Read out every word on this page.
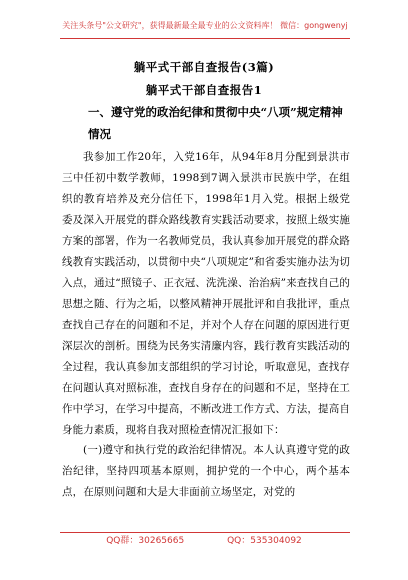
关注头条号"公文研究"，获得最新最全最专业的公文资料库！ 微信：gongwenyj
躺平式干部自查报告(3篇)
躺平式干部自查报告1

一、遵守党的政治纪律和贯彻中央“八项”规定精神情况

我参加工作20年，入党16年，从94年8月分配到景洪市三中任初中数学教师，1998到7调入景洪市民族中学，在组织的教育培养及充分信任下，1998年1月入党。根据上级党委及深入开展党的群众路线教育实践活动要求，按照上级实施方案的部署，作为一名教师党员，我认真参加开展党的群众路线教育实践活动，以贯彻中央“八项规定”和省委实施办法为切入点，通过“照镜子、正衣冠、洗洗澡、治治病”来查找自己的思想之随、行为之垢，以整风精神开展批评和自我批评，重点查找自己存在的问题和不足，并对个人存在问题的原因进行更深层次的剖析。围绕为民务实清廉内容，践行教育实践活动的全过程，我认真参加支部组织的学习讨论，听取意见，查找存在问题认真对照标准，查找自身存在的问题和不足，坚持在工作中学习，在学习中提高，不断改进工作方式、方法，提高自身能力素质，现将自我对照检查情况汇报如下：

(一)遵守和执行党的政治纪律情况。本人认真遵守党的政治纪律，坚持四项基本原则，拥护党的一个中心，两个基本点，在原则问题和大是大非面前立场坚定，对党的

QQ群：30265665	QQ：535304092
